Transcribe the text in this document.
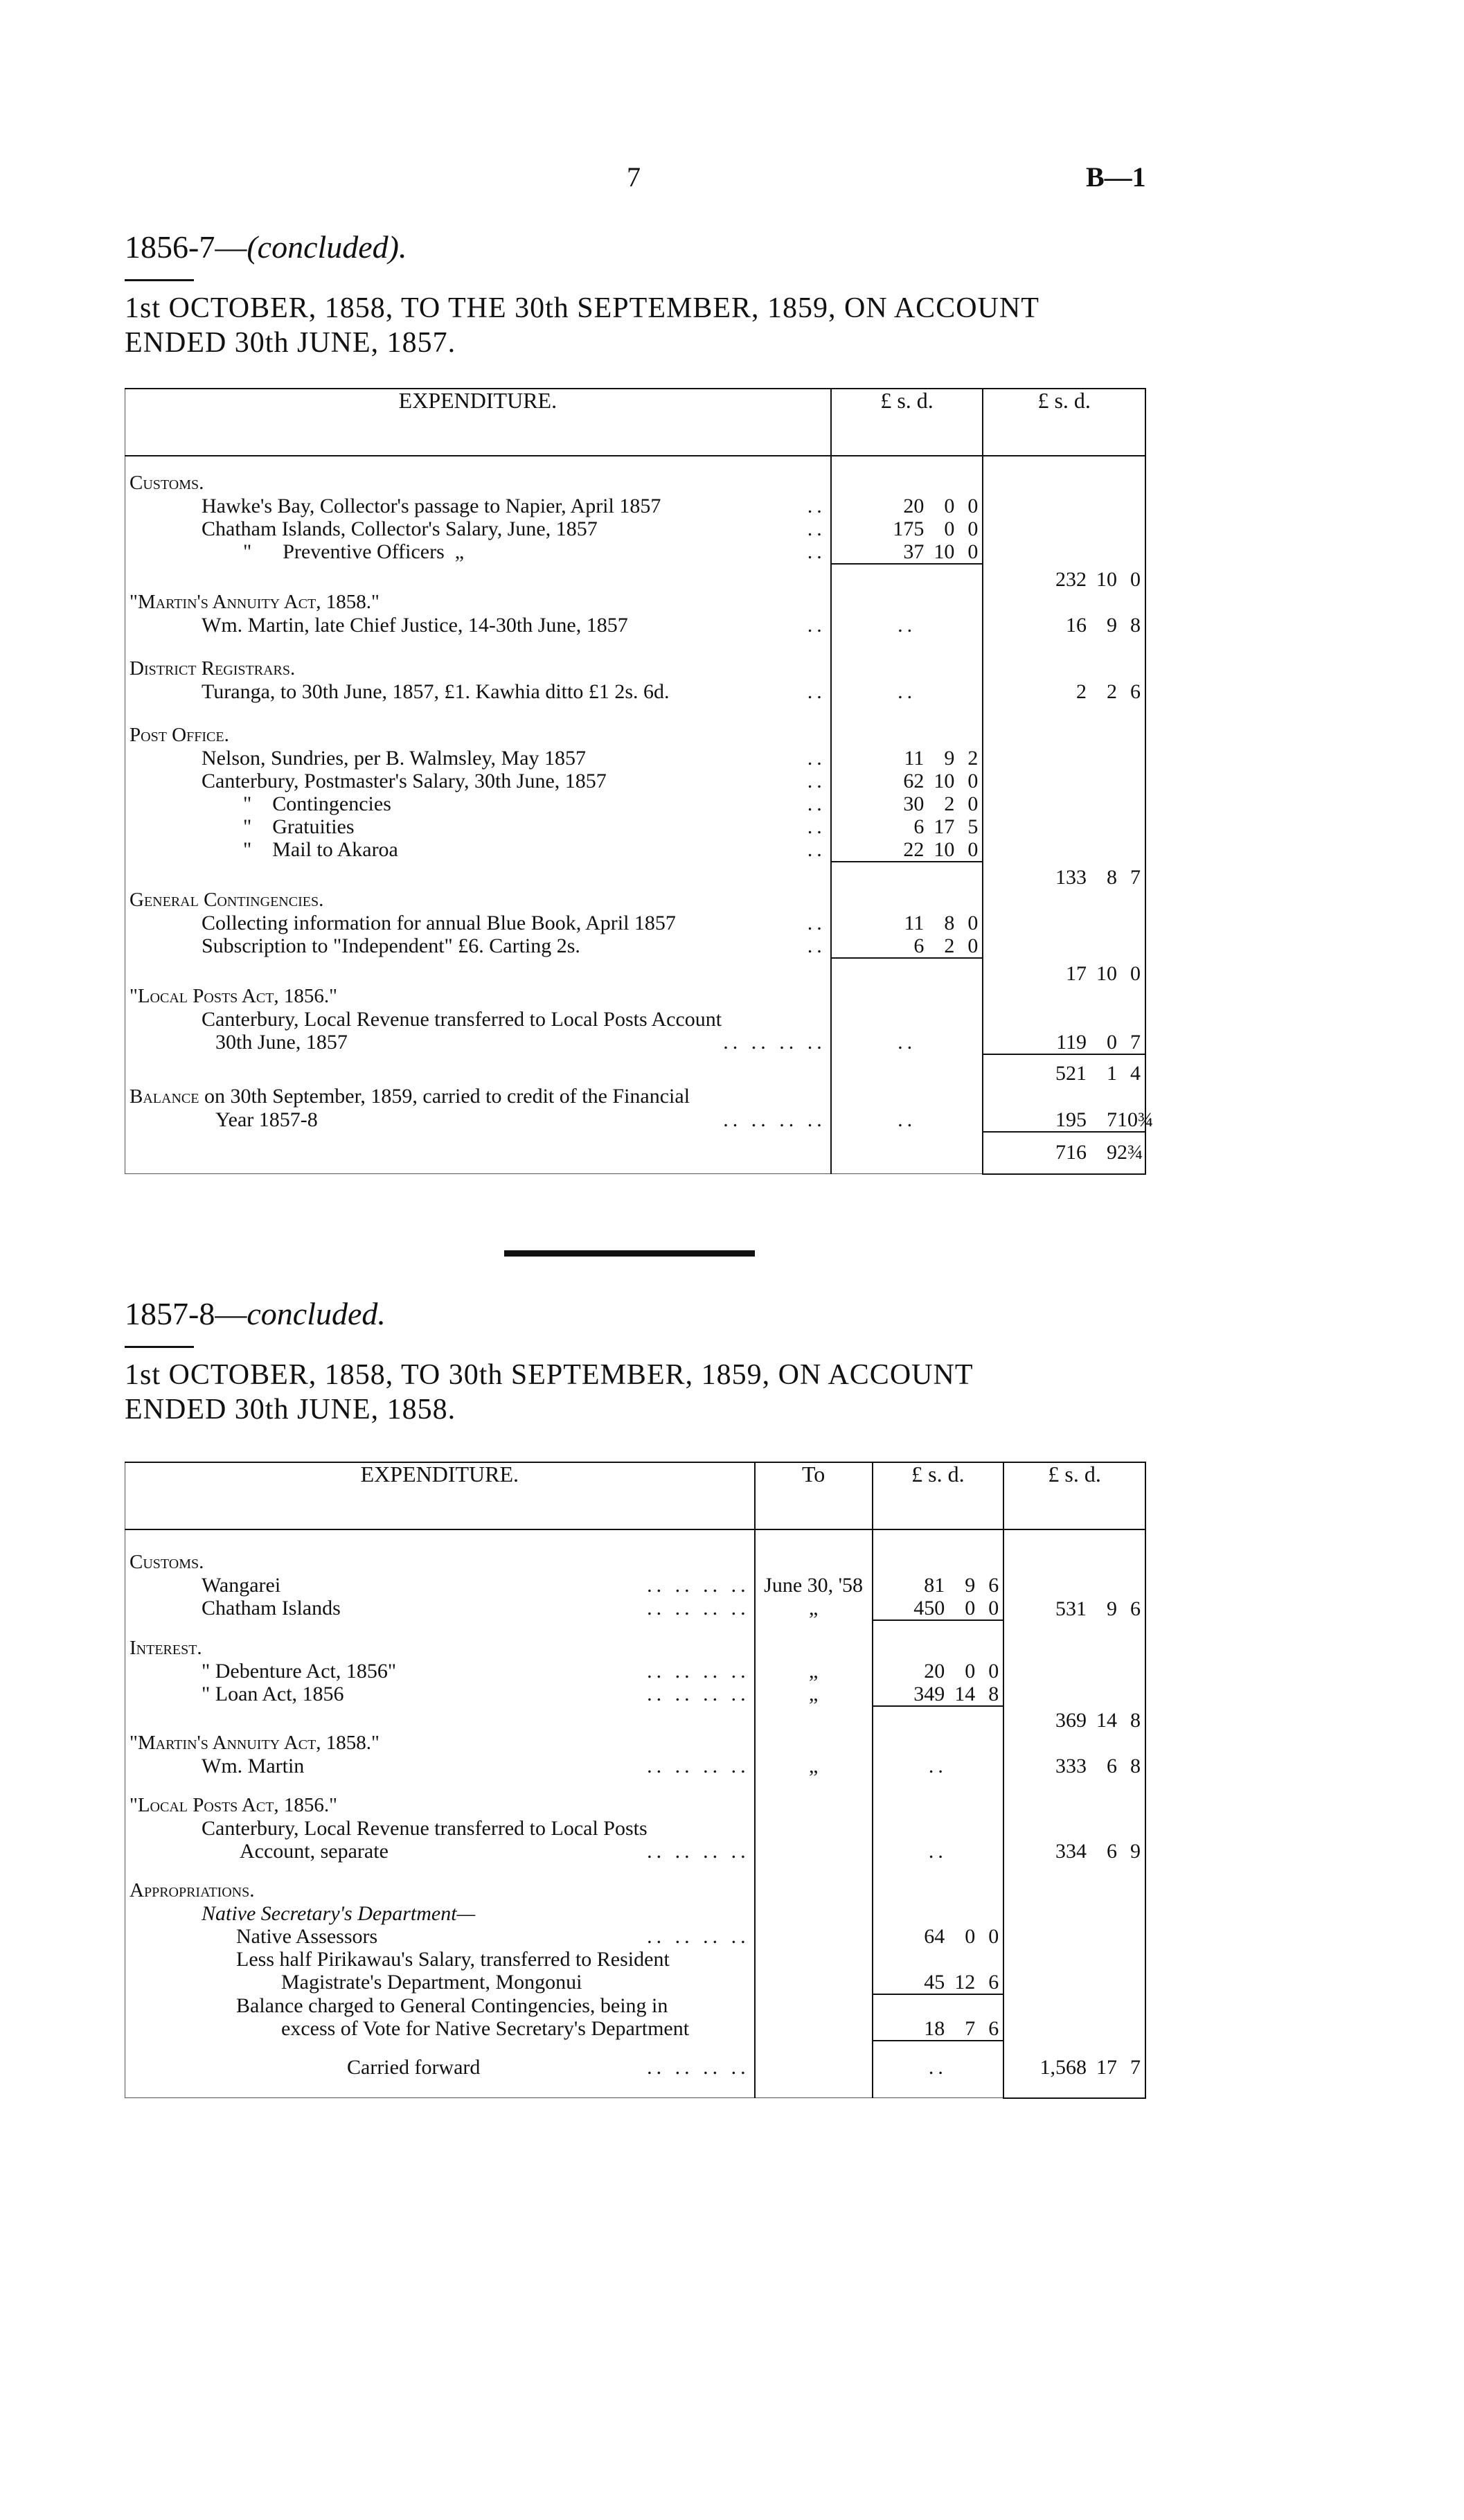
7	B—1
1856-7—(concluded).
1st OCTOBER, 1858, TO THE 30th SEPTEMBER, 1859, ON ACCOUNT
ENDED 30th JUNE, 1857.
EXPENDITURE.	£ s. d.	£ s. d.

Customs.		
Hawke's Bay, Collector's passage to Napier, April 1857 ..	20 0 0	
Chatham Islands, Collector's Salary, June, 1857 ..	175 0 0	
" Preventive Officers „ ..	37 10 0	
		232 10 0
"Martin's Annuity Act, 1858."		
Wm. Martin, late Chief Justice, 14-30th June, 1857 ..	..	16 9 8

District Registrars.		
Turanga, to 30th June, 1857, £1. Kawhia ditto £1 2s. 6d. ..	..	2 2 6

Post Office.		
Nelson, Sundries, per B. Walmsley, May 1857 ..	11 9 2	
Canterbury, Postmaster's Salary, 30th June, 1857 ..	62 10 0	
" Contingencies ..	30 2 0	
" Gratuities ..	6 17 5	
" Mail to Akaroa ..	22 10 0	
		133 8 7
General Contingencies.		
Collecting information for annual Blue Book, April 1857 ..	11 8 0	
Subscription to "Independent" £6. Carting 2s. ..	6 2 0	
		17 10 0
"Local Posts Act, 1856."		
Canterbury, Local Revenue transferred to Local Posts Account		
30th June, 1857 .. .. .. ..	..	119 0 7
		521 1 4
Balance on 30th September, 1859, carried to credit of the Financial		
Year 1857-8 .. .. .. ..	..	195 710¾
		716 92¾
1857-8—concluded.
1st OCTOBER, 1858, TO 30th SEPTEMBER, 1859, ON ACCOUNT
ENDED 30th JUNE, 1858.
EXPENDITURE.	To	£ s. d.	£ s. d.

Customs.			
Wangarei .. .. .. ..	June 30, '58	81 9 6	
Chatham Islands .. .. .. ..	„	450 0 0	531 9 6

Interest.			
" Debenture Act, 1856" .. .. .. ..	„	20 0 0	
" Loan Act, 1856 .. .. .. ..	„	349 14 8	
			369 14 8
"Martin's Annuity Act, 1858."			
Wm. Martin .. .. .. ..	„	..	333 6 8

"Local Posts Act, 1856."			
Canterbury, Local Revenue transferred to Local Posts			
Account, separate .. .. .. ..		..	334 6 9

Appropriations.			
Native Secretary's Department—			
Native Assessors .. .. .. ..		64 0 0	
Less half Pirikawau's Salary, transferred to Resident			
Magistrate's Department, Mongonui		45 12 6	
Balance charged to General Contingencies, being in			
excess of Vote for Native Secretary's Department		18 7 6	

Carried forward .. .. .. ..		..	1,568 17 7
